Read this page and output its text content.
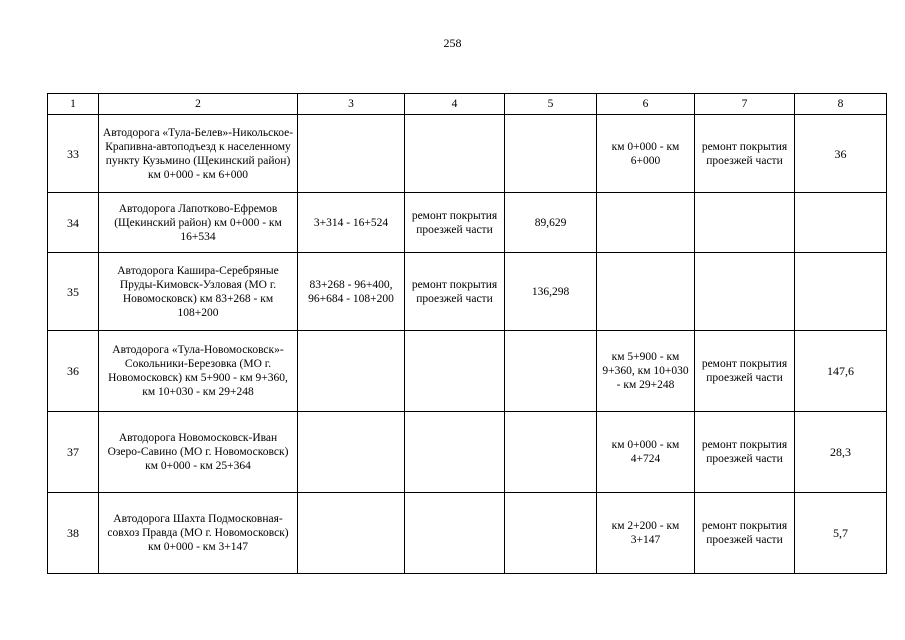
258
1	2	3	4	5	6	7	8
33	Автодорога «Тула-Белев»-Никольское-Крапивна-автоподъезд к населенному пункту Кузьмино (Щекинский район) км 0+000 - км 6+000				км 0+000 - км 6+000	ремонт покрытия проезжей части	36
34	Автодорога Лапотково-Ефремов (Щекинский район) км 0+000 - км 16+534	3+314 - 16+524	ремонт покрытия проезжей части	89,629			
35	Автодорога Кашира-Серебряные Пруды-Кимовск-Узловая (МО г. Новомосковск) км 83+268 - км 108+200	83+268 - 96+400, 96+684 - 108+200	ремонт покрытия проезжей части	136,298			
36	Автодорога «Тула-Новомосковск»-Сокольники-Березовка (МО г. Новомосковск) км 5+900 - км 9+360, км 10+030 - км 29+248				км 5+900 - км 9+360, км 10+030 - км 29+248	ремонт покрытия проезжей части	147,6
37	Автодорога Новомосковск-Иван Озеро-Савино (МО г. Новомосковск) км 0+000 - км 25+364				км 0+000 - км 4+724	ремонт покрытия проезжей части	28,3
38	Автодорога Шахта Подмосковная-совхоз Правда (МО г. Новомосковск) км 0+000 - км 3+147				км 2+200 - км 3+147	ремонт покрытия проезжей части	5,7
